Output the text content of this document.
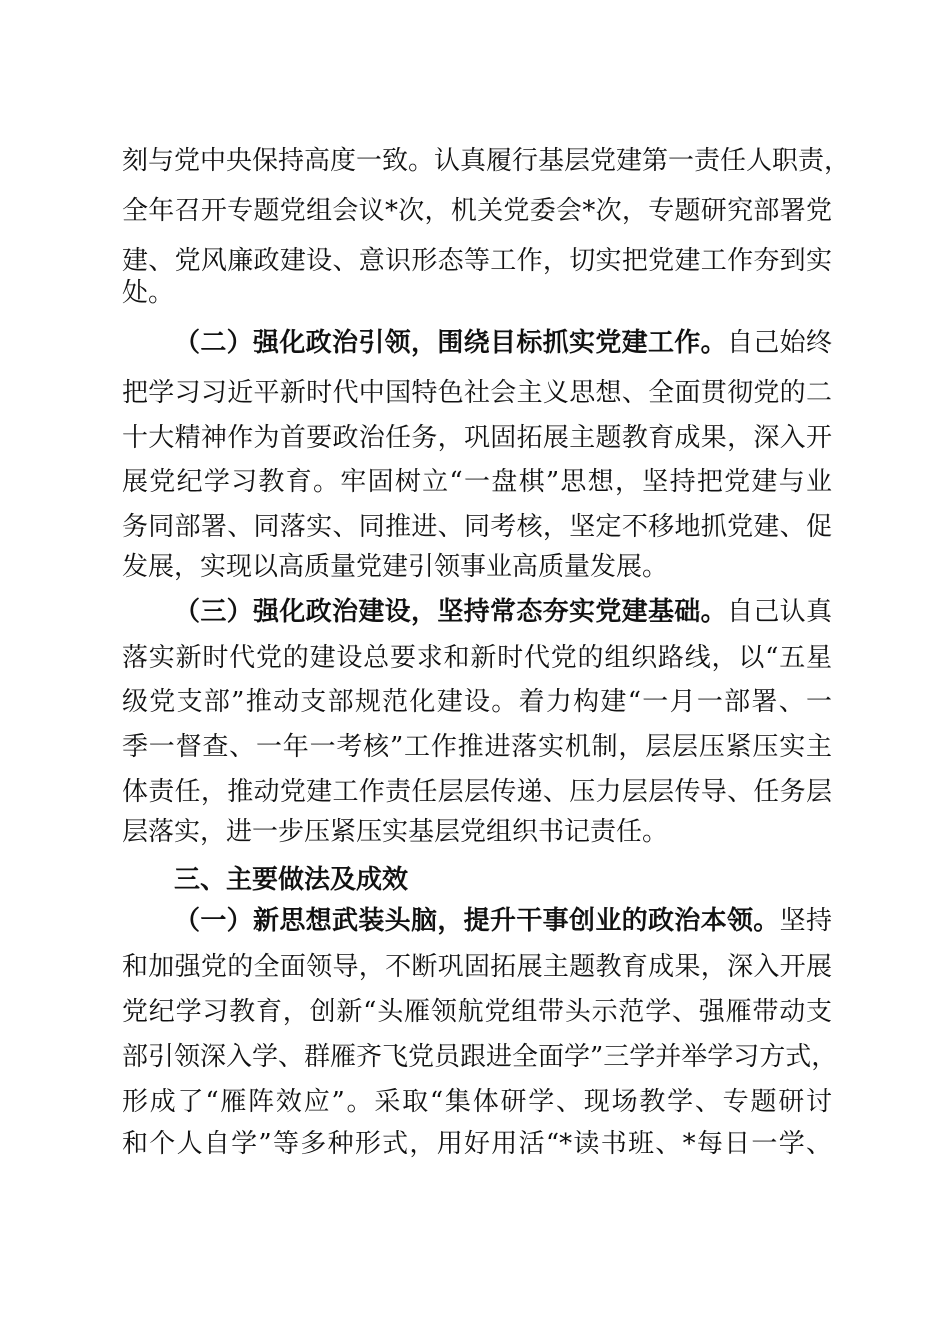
刻与党中央保持高度一致。认真履行基层党建第一责任人职责，
全年召开专题党组会议*次，机关党委会*次，专题研究部署党
建、党风廉政建设、意识形态等工作，切实把党建工作夯到实
处。
（二）强化政治引领，围绕目标抓实党建工作。自己始终
把学习习近平新时代中国特色社会主义思想、全面贯彻党的二
十大精神作为首要政治任务，巩固拓展主题教育成果，深入开
展党纪学习教育。牢固树立“一盘棋”思想，坚持把党建与业
务同部署、同落实、同推进、同考核，坚定不移地抓党建、促
发展，实现以高质量党建引领事业高质量发展。
（三）强化政治建设，坚持常态夯实党建基础。自己认真
落实新时代党的建设总要求和新时代党的组织路线，以“五星
级党支部”推动支部规范化建设。着力构建“一月一部署、一
季一督查、一年一考核”工作推进落实机制，层层压紧压实主
体责任，推动党建工作责任层层传递、压力层层传导、任务层
层落实，进一步压紧压实基层党组织书记责任。
三、主要做法及成效
（一）新思想武装头脑，提升干事创业的政治本领。坚持
和加强党的全面领导，不断巩固拓展主题教育成果，深入开展
党纪学习教育，创新“头雁领航党组带头示范学、强雁带动支
部引领深入学、群雁齐飞党员跟进全面学”三学并举学习方式，
形成了“雁阵效应”。采取“集体研学、现场教学、专题研讨
和个人自学”等多种形式，用好用活“*读书班、*每日一学、
